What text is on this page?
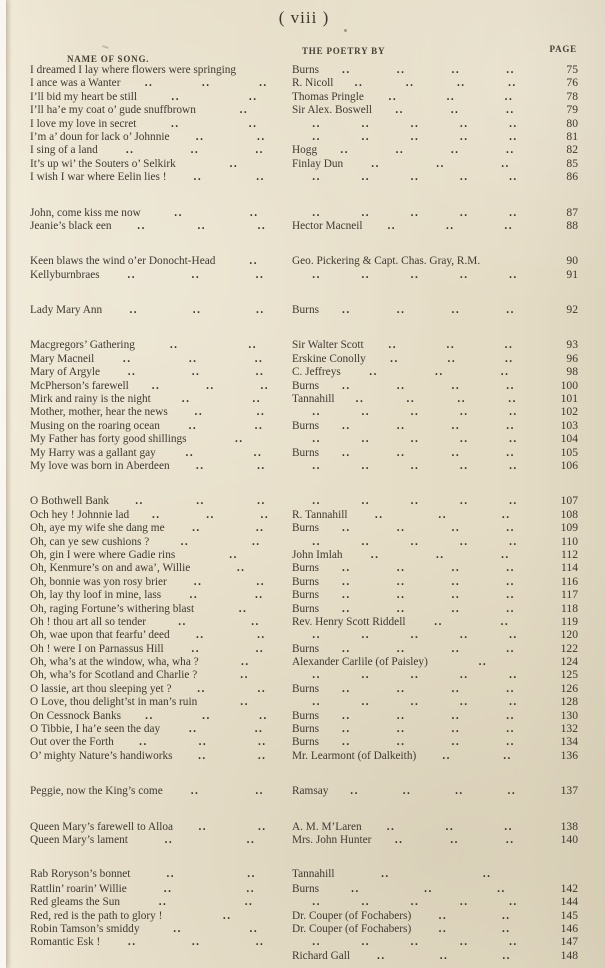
( viii )
NAME OF SONG.
THE POETRY BY	PAGE
I dreamed I lay where flowers were springing	Burns	..	..	..	..	75
I ance was a Wanter	..	..	..	R. Nicoll	..	..	..	..	76
I’ll bid my heart be still	..	..	Thomas Pringle	..	..	..	78
I’ll ha’e my coat o’ gude snuffbrown	..	Sir Alex. Boswell	..	..	..	79
I love my love in secret	..	..	..	..	..	..	..	80
I’m a’ doun for lack o’ Johnnie	..	..	..	..	..	..	..	81
I sing of a land	..	..	..	Hogg	..	..	..	..	82
It’s up wi’ the Souters o’ Selkirk	..	Finlay Dun	..	..	..	85
I wish I war where Eelin lies !	..	..	..	..	..	..	..	86
John, come kiss me now	..	..	..	..	..	..	..	87
Jeanie’s black een	..	..	..	Hector Macneil	..	..	..	88
Keen blaws the wind o’er Donocht-Head	..	Geo. Pickering & Capt. Chas. Gray, R.M.	90
Kellyburnbraes	..	..	..	..	..	..	..	..	91
Lady Mary Ann	..	..	..	Burns	..	..	..	..	92
Macgregors’ Gathering	..	..	Sir Walter Scott	..	..	..	93
Mary Macneil	..	..	..	Erskine Conolly	..	..	..	96
Mary of Argyle	..	..	..	C. Jeffreys	..	..	..	98
McPherson’s farewell	..	..	..	Burns	..	..	..	..	100
Mirk and rainy is the night	..	..	Tannahill	..	..	..	..	101
Mother, mother, hear the news	..	..	..	..	..	..	..	102
Musing on the roaring ocean	..	..	Burns	..	..	..	..	103
My Father has forty good shillings	..	..	..	..	..	..	104
My Harry was a gallant gay	..	..	Burns	..	..	..	..	105
My love was born in Aberdeen	..	..	..	..	..	..	..	106
O Bothwell Bank	..	..	..	..	..	..	..	..	107
Och hey ! Johnnie lad	..	..	..	R. Tannahill	..	..	..	108
Oh, aye my wife she dang me	..	..	Burns	..	..	..	..	109
Oh, can ye sew cushions ?	..	..	..	..	..	..	..	110
Oh, gin I were where Gadie rins	..	John Imlah	..	..	..	112
Oh, Kenmure’s on and awa’, Willie	..	Burns	..	..	..	..	114
Oh, bonnie was yon rosy brier	..	..	Burns	..	..	..	..	116
Oh, lay thy loof in mine, lass	..	..	Burns	..	..	..	..	117
Oh, raging Fortune’s withering blast	..	Burns	..	..	..	..	118
Oh ! thou art all so tender	..	..	Rev. Henry Scott Riddell	..	..	119
Oh, wae upon that fearfu’ deed	..	..	..	..	..	..	..	120
Oh ! were I on Parnassus Hill	..	..	Burns	..	..	..	..	122
Oh, wha’s at the window, wha, wha ?	..	Alexander Carlile (of Paisley)	..	124
Oh, wha’s for Scotland and Charlie ?	..	..	..	..	..	..	125
O lassie, art thou sleeping yet ?	..	..	Burns	..	..	..	..	126
O Love, thou delight’st in man’s ruin	..	..	..	..	..	..	128
On Cessnock Banks	..	..	..	Burns	..	..	..	..	130
O Tibbie, I ha’e seen the day	..	..	Burns	..	..	..	..	132
Out over the Forth	..	..	..	Burns	..	..	..	..	134
O’ mighty Nature’s handiworks	..	..	Mr. Learmont (of Dalkeith)	..	..	136
Peggie, now the King’s come	..	..	Ramsay	..	..	..	..	137
Queen Mary’s farewell to Alloa	..	..	A. M. M’Laren	..	..	..	138
Queen Mary’s lament	..	..	Mrs. John Hunter	..	..	..	140
Rab Roryson’s bonnet	..	..	Tannahill	..	..
Rattlin’ roarin’ Willie	..	..	Burns	..	..	..	142
Red gleams the Sun	..	..	..	..	..	..	..	144
Red, red is the path to glory !	..	Dr. Couper (of Fochabers)	..	..	145
Robin Tamson’s smiddy	..	..	Dr. Couper (of Fochabers)	..	..	146
Romantic Esk !	..	..	..	..	..	..	..	..	147
Richard Gall	..	..	..	148
